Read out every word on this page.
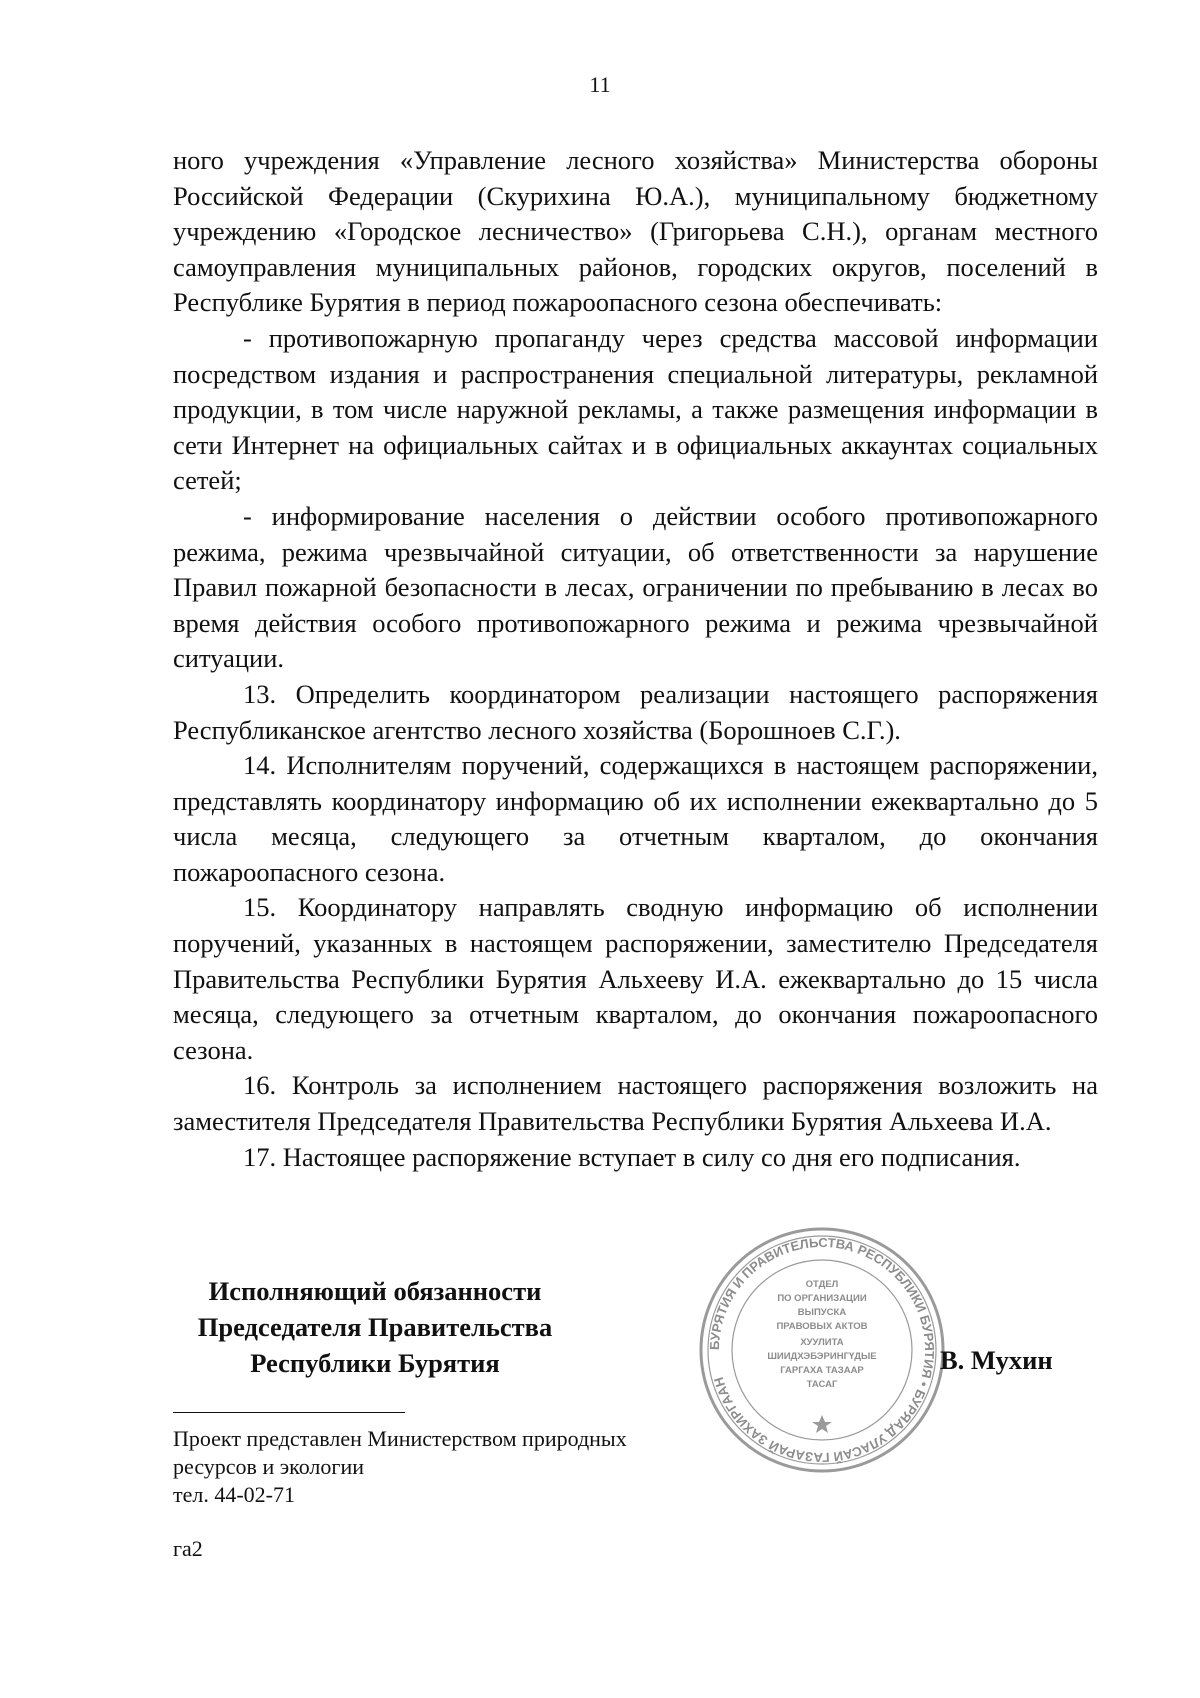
11

ного учреждения «Управление лесного хозяйства» Министерства обороны Российской Федерации (Скурихина Ю.А.), муниципальному бюджетному учреждению «Городское лесничество» (Григорьева С.Н.), органам местного самоуправления муниципальных районов, городских округов, поселений в Республике Бурятия в период пожароопасного сезона обеспечивать:

- противопожарную пропаганду через средства массовой информации посредством издания и распространения специальной литературы, рекламной продукции, в том числе наружной рекламы, а также размещения информации в сети Интернет на официальных сайтах и в официальных аккаунтах социальных сетей;

- информирование населения о действии особого противопожарного режима, режима чрезвычайной ситуации, об ответственности за нарушение Правил пожарной безопасности в лесах, ограничении по пребыванию в лесах во время действия особого противопожарного режима и режима чрезвычайной ситуации.

13. Определить координатором реализации настоящего распоряжения Республиканское агентство лесного хозяйства (Борошноев С.Г.).

14. Исполнителям поручений, содержащихся в настоящем распоряжении, представлять координатору информацию об их исполнении ежеквартально до 5 числа месяца, следующего за отчетным кварталом, до окончания пожароопасного сезона.

15. Координатору направлять сводную информацию об исполнении поручений, указанных в настоящем распоряжении, заместителю Председателя Правительства Республики Бурятия Альхееву И.А. ежеквартально до 15 числа месяца, следующего за отчетным кварталом, до окончания пожароопасного сезона.

16. Контроль за исполнением настоящего распоряжения возложить на заместителя Председателя Правительства Республики Бурятия Альхеева И.А.

17. Настоящее распоряжение вступает в силу со дня его подписания.

Исполняющий обязанности
Председателя Правительства
Республики Бурятия
БУРЯТИЯ И ПРАВИТЕЛЬСТВА РЕСПУБЛИКИ БУРЯТИЯ • БУРЯАД УЛАСАЙ ГАЗАРАЙ ЗАХИРГААН
ОТДЕЛ
ПО ОРГАНИЗАЦИИ
ВЫПУСКА
ПРАВОВЫХ АКТОВ
ХУУЛИТА
ШИИДХЭБЭРИНГҮДЫЕ
ГАРГАХА ТАЗААР
ТАСАГ
В. Мухин
Проект представлен Министерством природных
ресурсов и экологии
тел. 44-02-71
га2
